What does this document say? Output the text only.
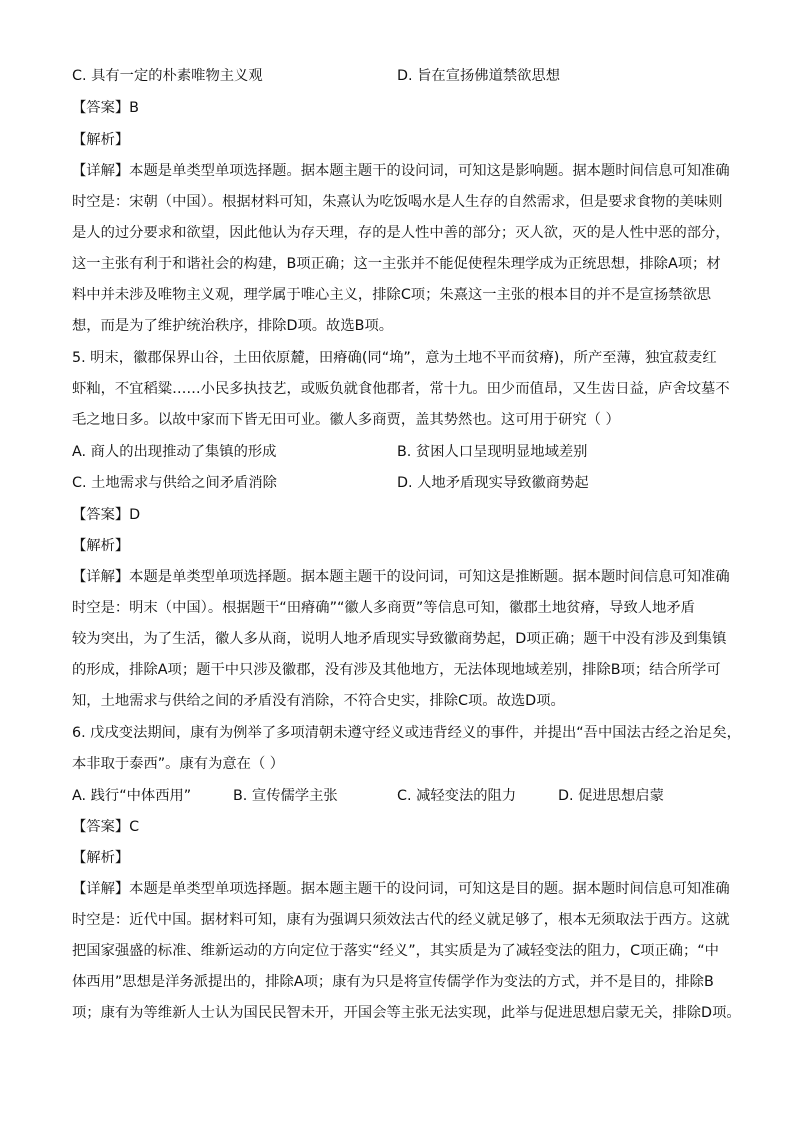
C. 具有一定的朴素唯物主义观	D. 旨在宣扬佛道禁欲思想
【答案】B
【解析】
【详解】本题是单类型单项选择题。据本题主题干的设问词，可知这是影响题。据本题时间信息可知准确
时空是：宋朝（中国）。根据材料可知，朱熹认为吃饭喝水是人生存的自然需求，但是要求食物的美味则
是人的过分要求和欲望，因此他认为存天理，存的是人性中善的部分；灭人欲，灭的是人性中恶的部分，
这一主张有利于和谐社会的构建，B项正确；这一主张并不能促使程朱理学成为正统思想，排除A项；材
料中并未涉及唯物主义观，理学属于唯心主义，排除C项；朱熹这一主张的根本目的并不是宣扬禁欲思
想，而是为了维护统治秩序，排除D项。故选B项。
5. 明末，徽郡保界山谷，土田依原麓，田瘠确(同“埆”，意为土地不平而贫瘠)，所产至薄，独宜菽麦红
虾籼，不宜稻粱……小民多执技艺，或贩负就食他郡者，常十九。田少而值昂，又生齿日益，庐舍坟墓不
毛之地日多。以故中家而下皆无田可业。徽人多商贾，盖其势然也。这可用于研究（ ）
A. 商人的出现推动了集镇的形成	B. 贫困人口呈现明显地域差别
C. 土地需求与供给之间矛盾消除	D. 人地矛盾现实导致徽商势起
【答案】D
【解析】
【详解】本题是单类型单项选择题。据本题主题干的设问词，可知这是推断题。据本题时间信息可知准确
时空是：明末（中国）。根据题干“田瘠确”“徽人多商贾”等信息可知，徽郡土地贫瘠，导致人地矛盾
较为突出，为了生活，徽人多从商，说明人地矛盾现实导致徽商势起，D项正确；题干中没有涉及到集镇
的形成，排除A项；题干中只涉及徽郡，没有涉及其他地方，无法体现地域差别，排除B项；结合所学可
知，土地需求与供给之间的矛盾没有消除，不符合史实，排除C项。故选D项。
6. 戊戌变法期间，康有为例举了多项清朝未遵守经义或违背经义的事件，并提出“吾中国法古经之治足矣，
本非取于泰西”。康有为意在（ ）
A. 践行“中体西用”	B. 宣传儒学主张	C. 减轻变法的阻力	D. 促进思想启蒙
【答案】C
【解析】
【详解】本题是单类型单项选择题。据本题主题干的设问词，可知这是目的题。据本题时间信息可知准确
时空是：近代中国。据材料可知，康有为强调只须效法古代的经义就足够了，根本无须取法于西方。这就
把国家强盛的标准、维新运动的方向定位于落实“经义”，其实质是为了减轻变法的阻力，C项正确；“中
体西用”思想是洋务派提出的，排除A项；康有为只是将宣传儒学作为变法的方式，并不是目的，排除B
项；康有为等维新人士认为国民民智未开，开国会等主张无法实现，此举与促进思想启蒙无关，排除D项。
